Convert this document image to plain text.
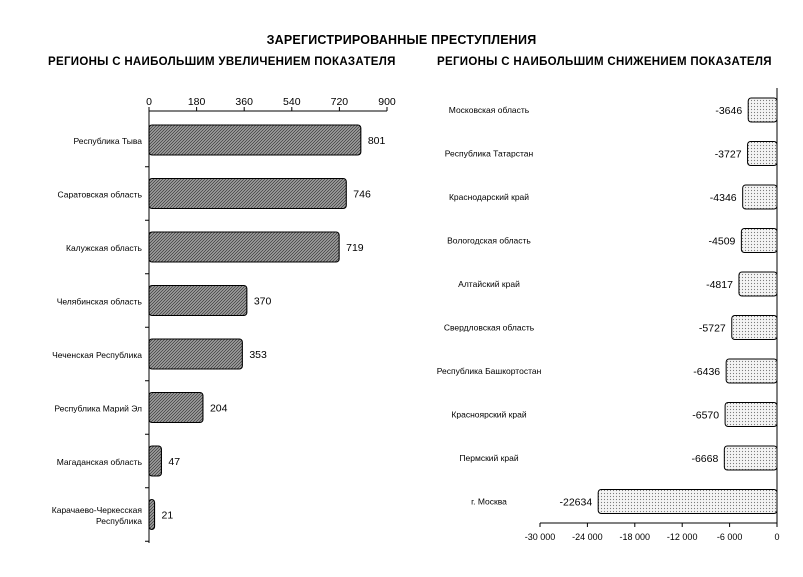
ЗАРЕГИСТРИРОВАННЫЕ ПРЕСТУПЛЕНИЯ
РЕГИОНЫ С НАИБОЛЬШИМ УВЕЛИЧЕНИЕМ ПОКАЗАТЕЛЯ	РЕГИОНЫ С НАИБОЛЬШИМ СНИЖЕНИЕМ ПОКАЗАТЕЛЯ
0	180	360	540	720	900
Республика Тыва	801
Саратовская область	746
Калужская область	719
Челябинская область	370
Чеченская Республика	353
Республика Марий Эл	204
Магаданская область	47
Карачаево-Черкесская
Республика 21
-30 000 -24 000 -18 000 -12 000 -6 000	0
Московская область	-3646
Республика Татарстан	-3727
Краснодарский край	-4346
Вологодская область	-4509
Алтайский край	-4817
Свердловская область	-5727
Республика Башкортостан	-6436
Красноярский край	-6570
Пермский край	-6668
г. Москва	-22634
